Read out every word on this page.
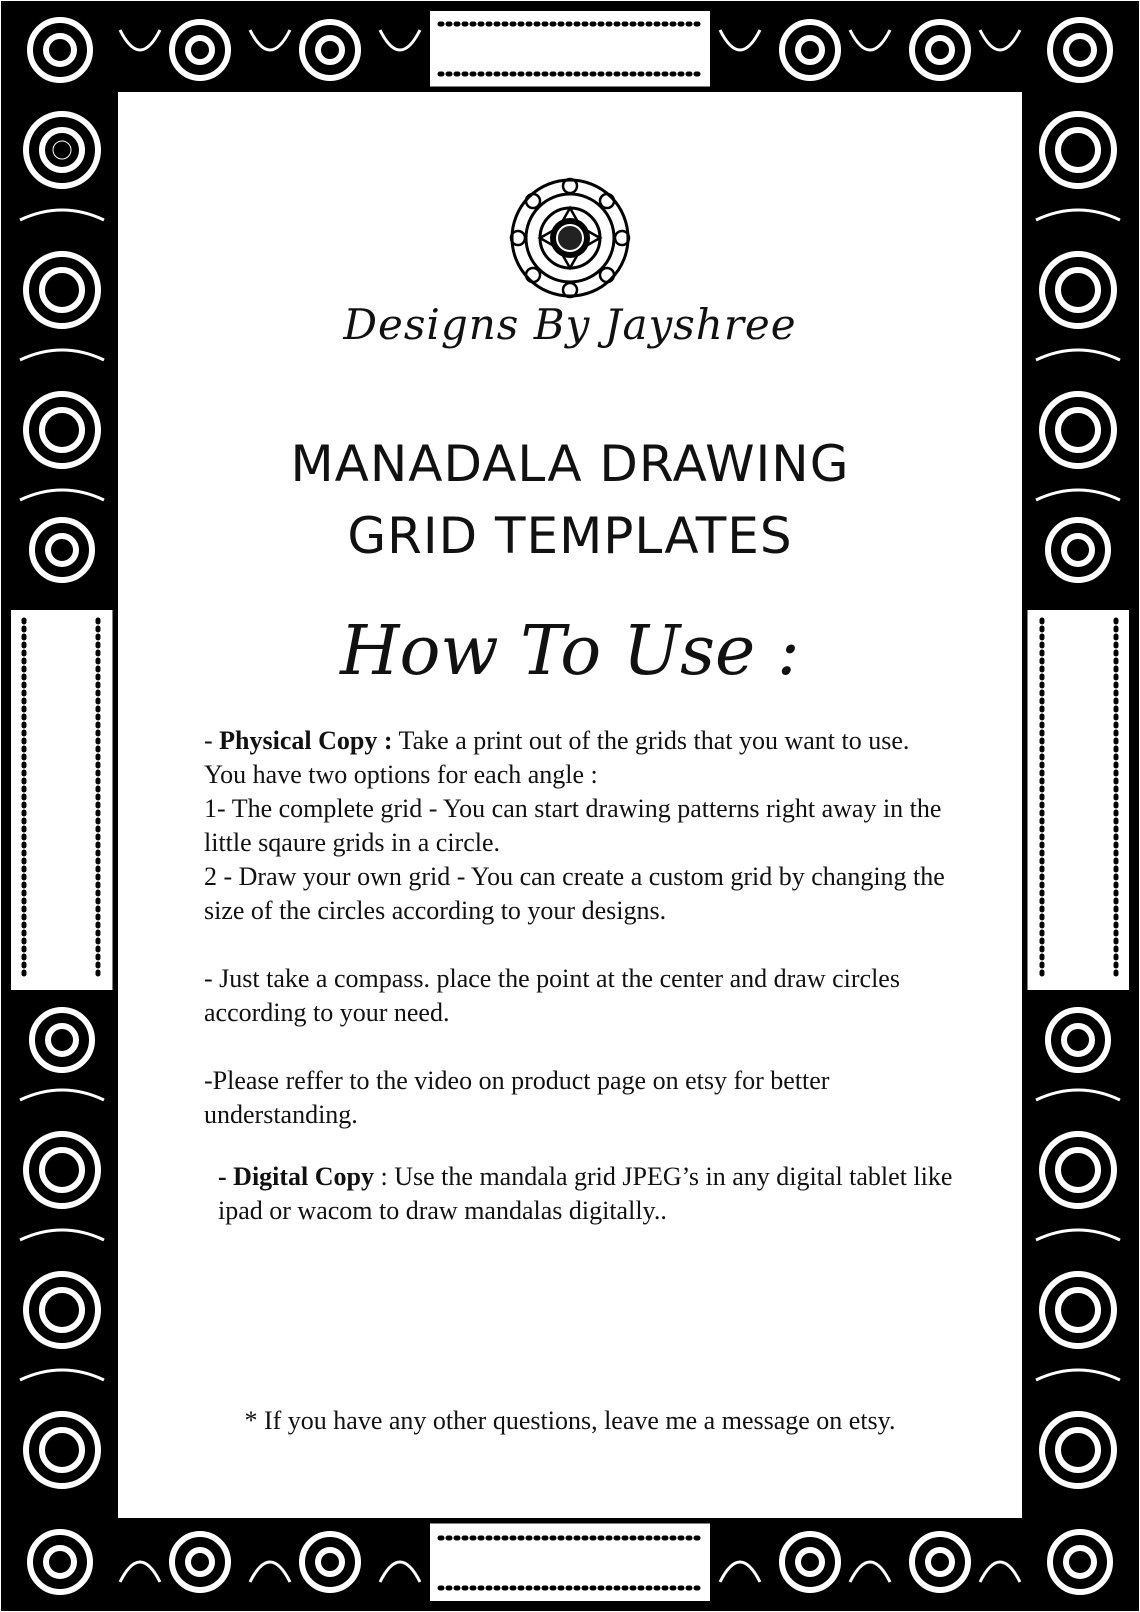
Designs By Jayshree
MANADALA DRAWING
GRID TEMPLATES
How To Use :

- Physical Copy : Take a print out of the grids that you want to use.

You have two options for each angle :

1- The complete grid - You can start drawing patterns right away in the little sqaure grids in a circle.

2 - Draw your own grid - You can create a custom grid by changing the size of the circles according to your designs.

- Just take a compass. place the point at the center and draw circles according to your need.

-Please reffer to the video on product page on etsy for better understanding.

- Digital Copy : Use the mandala grid JPEG’s in any digital tablet like ipad or wacom to draw mandalas digitally..

* If you have any other questions, leave me a message on etsy.
